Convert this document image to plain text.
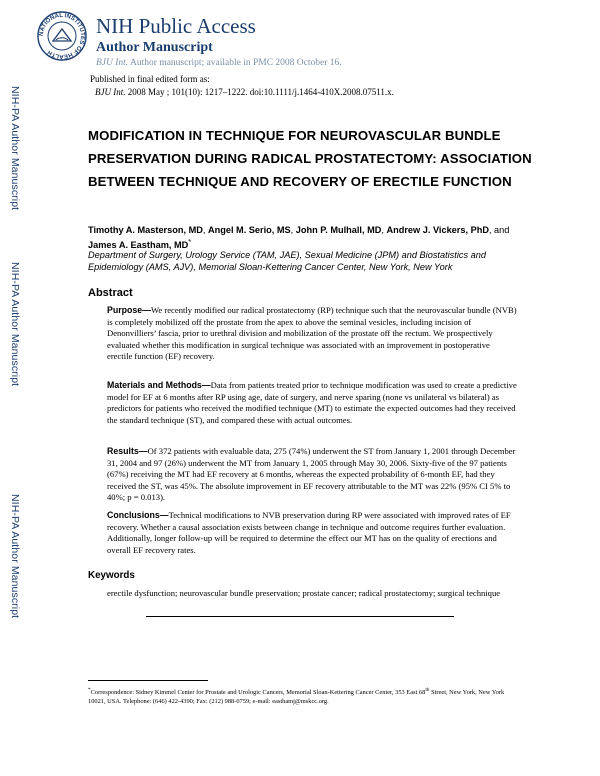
NIH-PA Author Manuscript
NIH-PA Author Manuscript
NIH-PA Author Manuscript
NATIONAL INSTITUTES OF HEALTH
NIH Public Access
Author Manuscript
BJU Int. Author manuscript; available in PMC 2008 October 16.
Published in final edited form as:
BJU Int. 2008 May ; 101(10): 1217–1222. doi:10.1111/j.1464-410X.2008.07511.x.
MODIFICATION IN TECHNIQUE FOR NEUROVASCULAR BUNDLE PRESERVATION DURING RADICAL PROSTATECTOMY: ASSOCIATION BETWEEN TECHNIQUE AND RECOVERY OF ERECTILE FUNCTION
Timothy A. Masterson, MD, Angel M. Serio, MS, John P. Mulhall, MD, Andrew J. Vickers, PhD, and James A. Eastham, MD*
Department of Surgery, Urology Service (TAM, JAE), Sexual Medicine (JPM) and Biostatistics and Epidemiology (AMS, AJV), Memorial Sloan-Kettering Cancer Center, New York, New York
Abstract
Purpose—We recently modified our radical prostatectomy (RP) technique such that the neurovascular bundle (NVB) is completely mobilized off the prostate from the apex to above the seminal vesicles, including incision of Denonvilliers’ fascia, prior to urethral division and mobilization of the prostate off the rectum. We prospectively evaluated whether this modification in surgical technique was associated with an improvement in postoperative erectile function (EF) recovery.
Materials and Methods—Data from patients treated prior to technique modification was used to create a predictive model for EF at 6 months after RP using age, date of surgery, and nerve sparing (none vs unilateral vs bilateral) as predictors for patients who received the modified technique (MT) to estimate the expected outcomes had they received the standard technique (ST), and compared these with actual outcomes.
Results—Of 372 patients with evaluable data, 275 (74%) underwent the ST from January 1, 2001 through December 31, 2004 and 97 (26%) underwent the MT from January 1, 2005 through May 30, 2006. Sixty-five of the 97 patients (67%) receiving the MT had EF recovery at 6 months, whereas the expected probability of 6-month EF, had they received the ST, was 45%. The absolute improvement in EF recovery attributable to the MT was 22% (95% CI 5% to 40%; p = 0.013).
Conclusions—Technical modifications to NVB preservation during RP were associated with improved rates of EF recovery. Whether a causal association exists between change in technique and outcome requires further evaluation. Additionally, longer follow-up will be required to determine the effect our MT has on the quality of erections and overall EF recovery rates.
Keywords
erectile dysfunction; neurovascular bundle preservation; prostate cancer; radical prostatectomy; surgical technique
*Correspondence: Sidney Kimmel Center for Prostate and Urologic Cancers, Memorial Sloan-Kettering Cancer Center, 353 East 68th Street, New York, New York 10021, USA. Telephone: (646) 422-4390; Fax: (212) 988-0759; e-mail: easthamj@mskcc.org.
